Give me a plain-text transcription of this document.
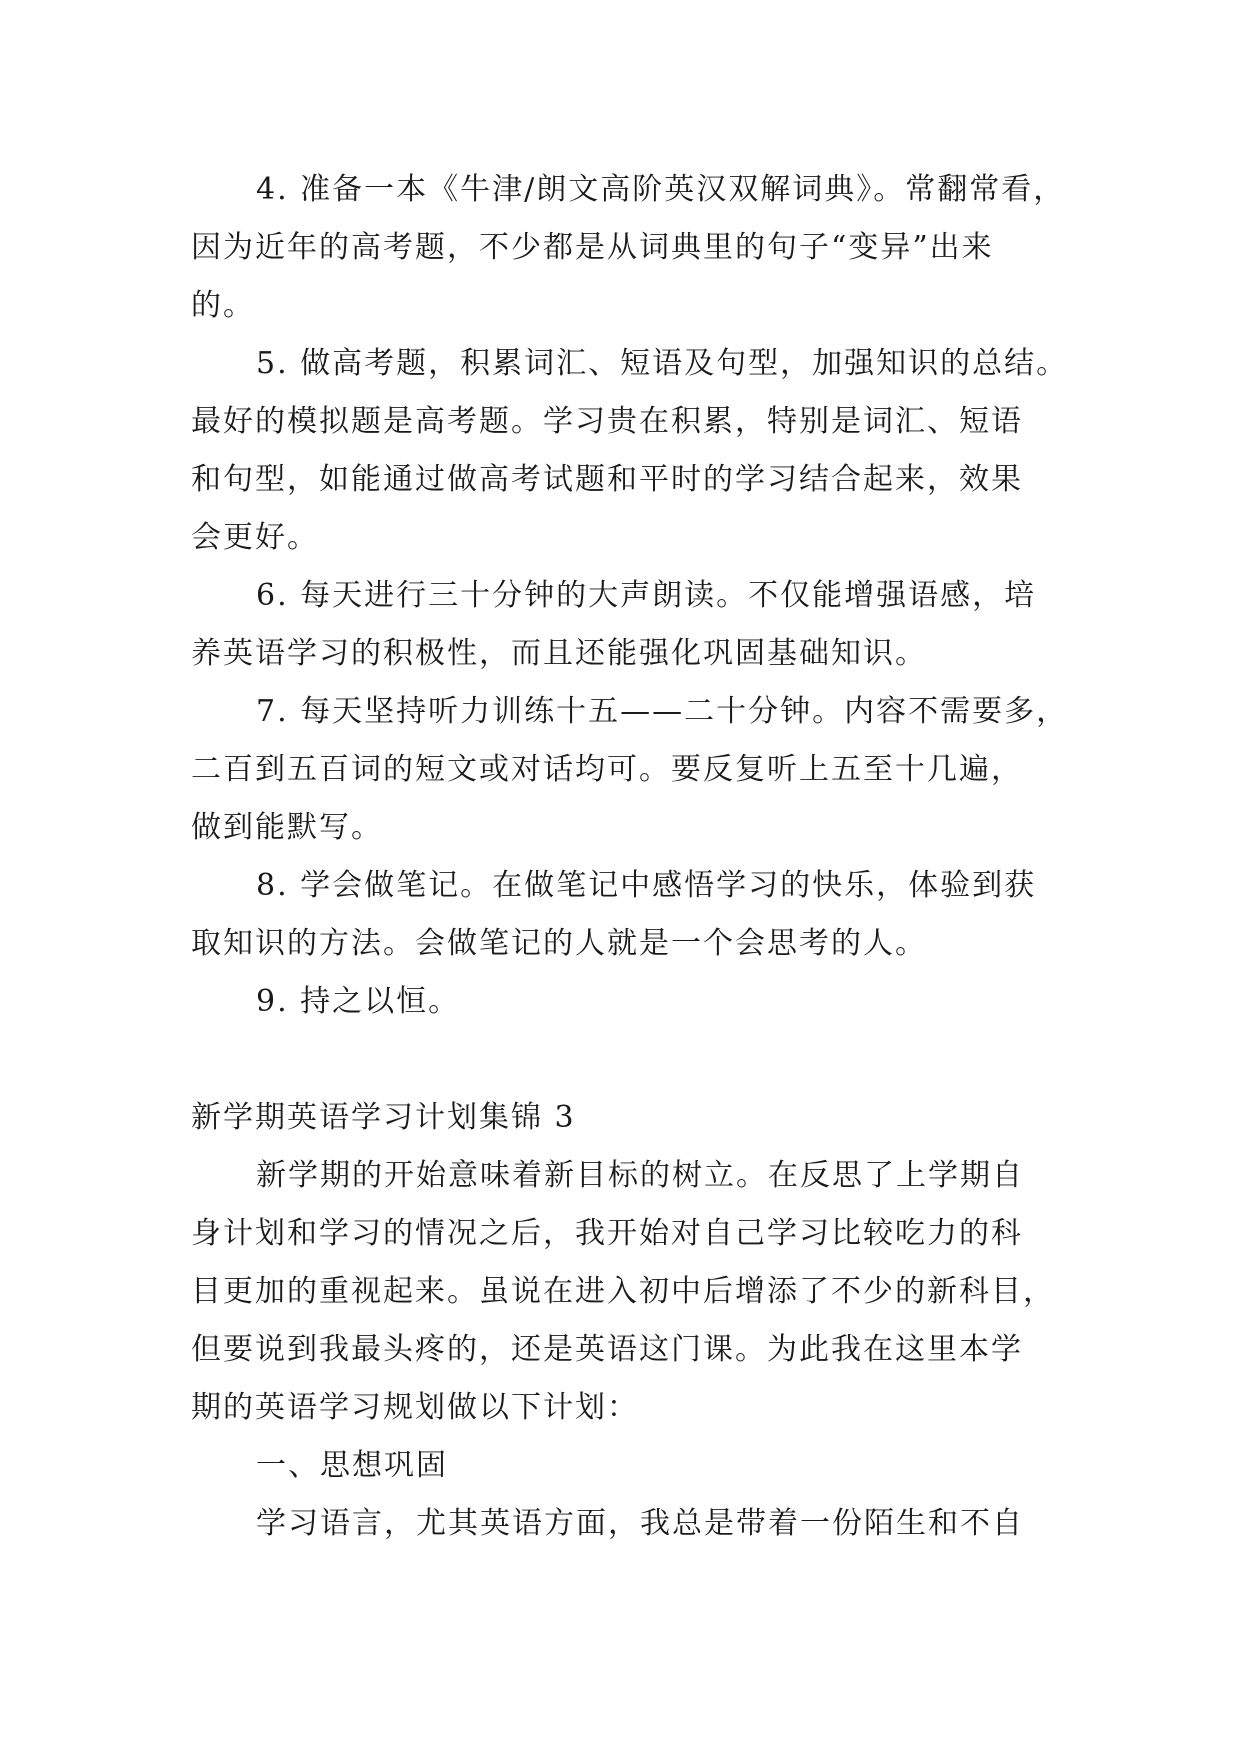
4. 准备一本《牛津/朗文高阶英汉双解词典》。常翻常看，
因为近年的高考题，不少都是从词典里的句子“变异”出来
的。
5. 做高考题，积累词汇、短语及句型，加强知识的总结。
最好的模拟题是高考题。学习贵在积累，特别是词汇、短语
和句型，如能通过做高考试题和平时的学习结合起来，效果
会更好。
6. 每天进行三十分钟的大声朗读。不仅能增强语感，培
养英语学习的积极性，而且还能强化巩固基础知识。
7. 每天坚持听力训练十五——二十分钟。内容不需要多，
二百到五百词的短文或对话均可。要反复听上五至十几遍，
做到能默写。
8. 学会做笔记。在做笔记中感悟学习的快乐，体验到获
取知识的方法。会做笔记的人就是一个会思考的人。
9. 持之以恒。
新学期英语学习计划集锦 3
新学期的开始意味着新目标的树立。在反思了上学期自
身计划和学习的情况之后，我开始对自己学习比较吃力的科
目更加的重视起来。虽说在进入初中后增添了不少的新科目，
但要说到我最头疼的，还是英语这门课。为此我在这里本学
期的英语学习规划做以下计划：
一、思想巩固
学习语言，尤其英语方面，我总是带着一份陌生和不自
